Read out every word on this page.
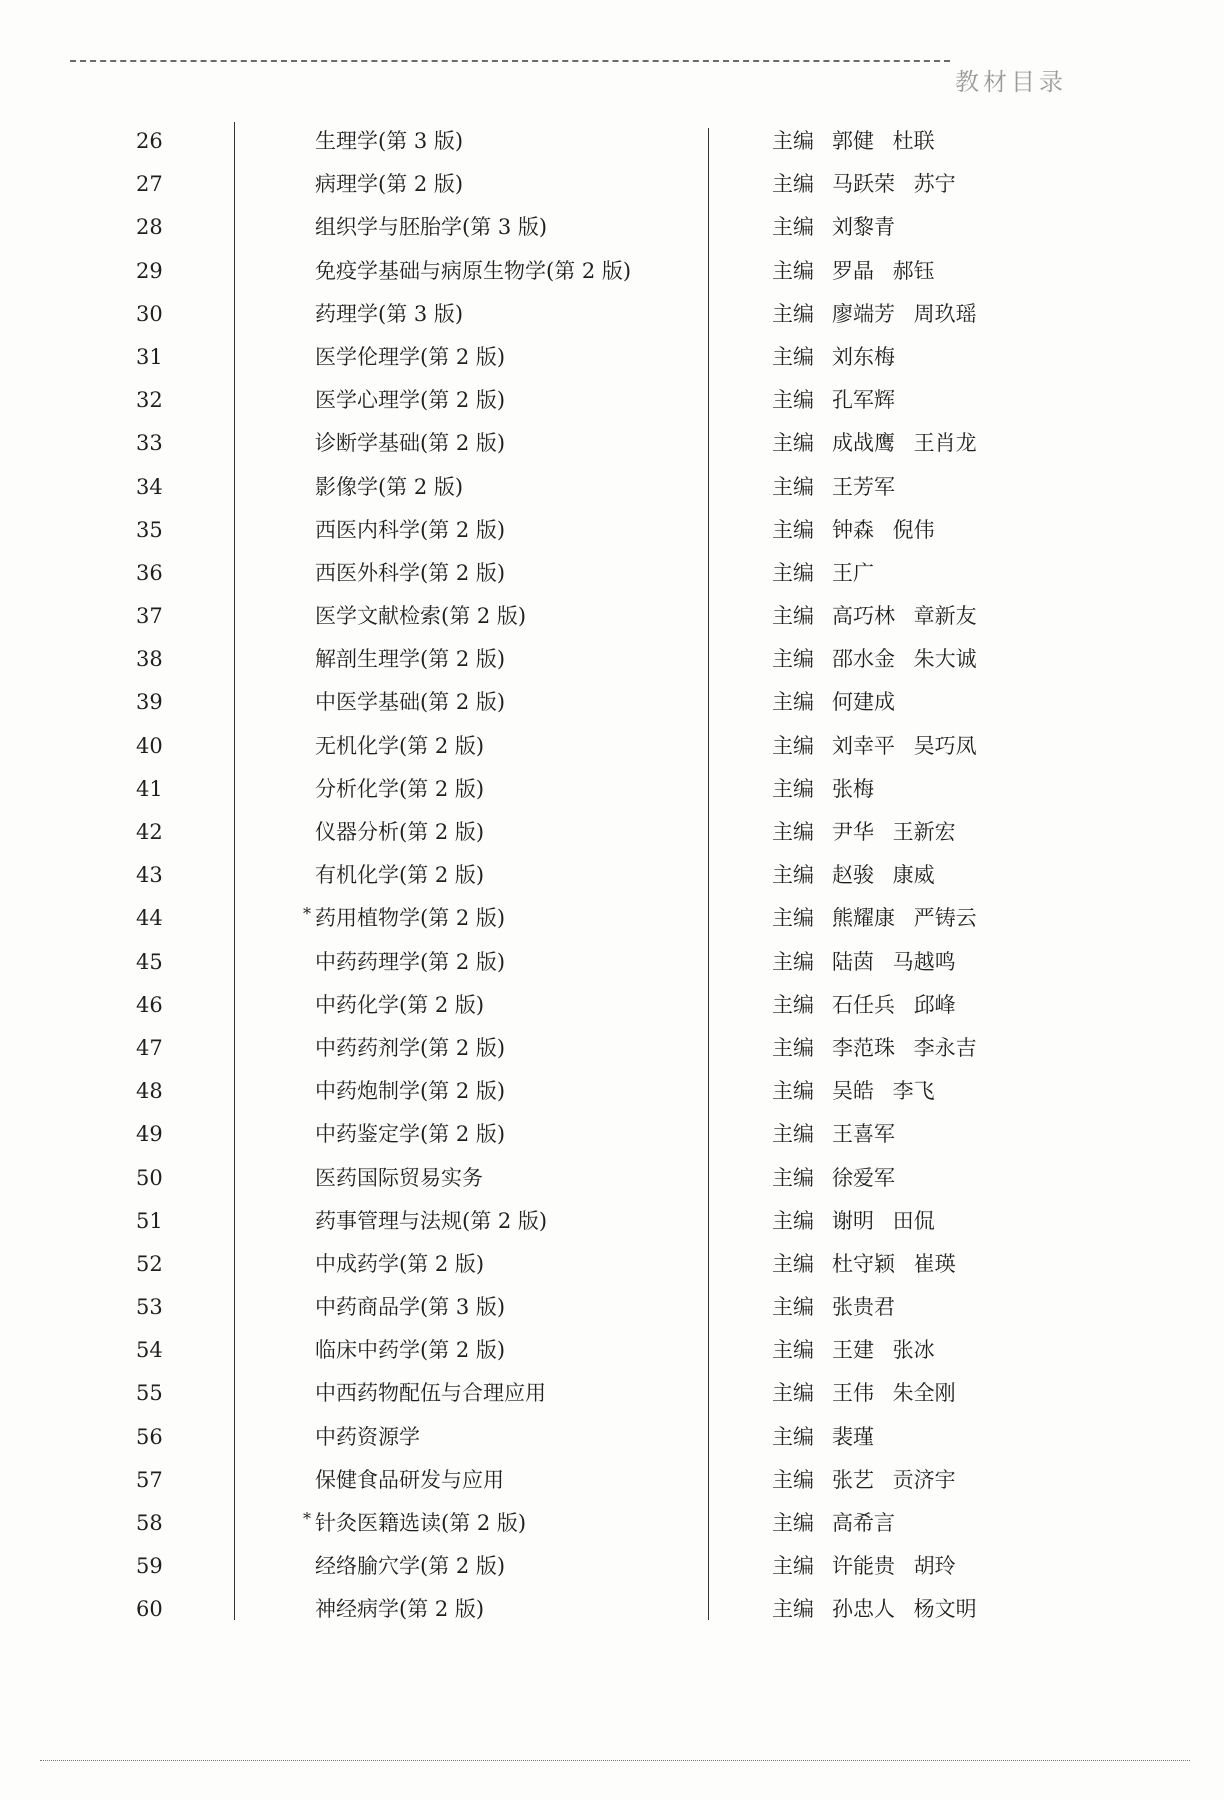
教材目录
26	生理学(第 3 版)	主编 郭健 杜联
27	病理学(第 2 版)	主编 马跃荣 苏宁
28	组织学与胚胎学(第 3 版)	主编 刘黎青
29	免疫学基础与病原生物学(第 2 版)	主编 罗晶 郝钰
30	药理学(第 3 版)	主编 廖端芳 周玖瑶
31	医学伦理学(第 2 版)	主编 刘东梅
32	医学心理学(第 2 版)	主编 孔军辉
33	诊断学基础(第 2 版)	主编 成战鹰 王肖龙
34	影像学(第 2 版)	主编 王芳军
35	西医内科学(第 2 版)	主编 钟森 倪伟
36	西医外科学(第 2 版)	主编 王广
37	医学文献检索(第 2 版)	主编 高巧林 章新友
38	解剖生理学(第 2 版)	主编 邵水金 朱大诚
39	中医学基础(第 2 版)	主编 何建成
40	无机化学(第 2 版)	主编 刘幸平 吴巧凤
41	分析化学(第 2 版)	主编 张梅
42	仪器分析(第 2 版)	主编 尹华 王新宏
43	有机化学(第 2 版)	主编 赵骏 康威
44	* 药用植物学(第 2 版)	主编 熊耀康 严铸云
45	中药药理学(第 2 版)	主编 陆茵 马越鸣
46	中药化学(第 2 版)	主编 石任兵 邱峰
47	中药药剂学(第 2 版)	主编 李范珠 李永吉
48	中药炮制学(第 2 版)	主编 吴皓 李飞
49	中药鉴定学(第 2 版)	主编 王喜军
50	医药国际贸易实务	主编 徐爱军
51	药事管理与法规(第 2 版)	主编 谢明 田侃
52	中成药学(第 2 版)	主编 杜守颖 崔瑛
53	中药商品学(第 3 版)	主编 张贵君
54	临床中药学(第 2 版)	主编 王建 张冰
55	中西药物配伍与合理应用	主编 王伟 朱全刚
56	中药资源学	主编 裴瑾
57	保健食品研发与应用	主编 张艺 贡济宇
58	* 针灸医籍选读(第 2 版)	主编 高希言
59	经络腧穴学(第 2 版)	主编 许能贵 胡玲
60	神经病学(第 2 版)	主编 孙忠人 杨文明
